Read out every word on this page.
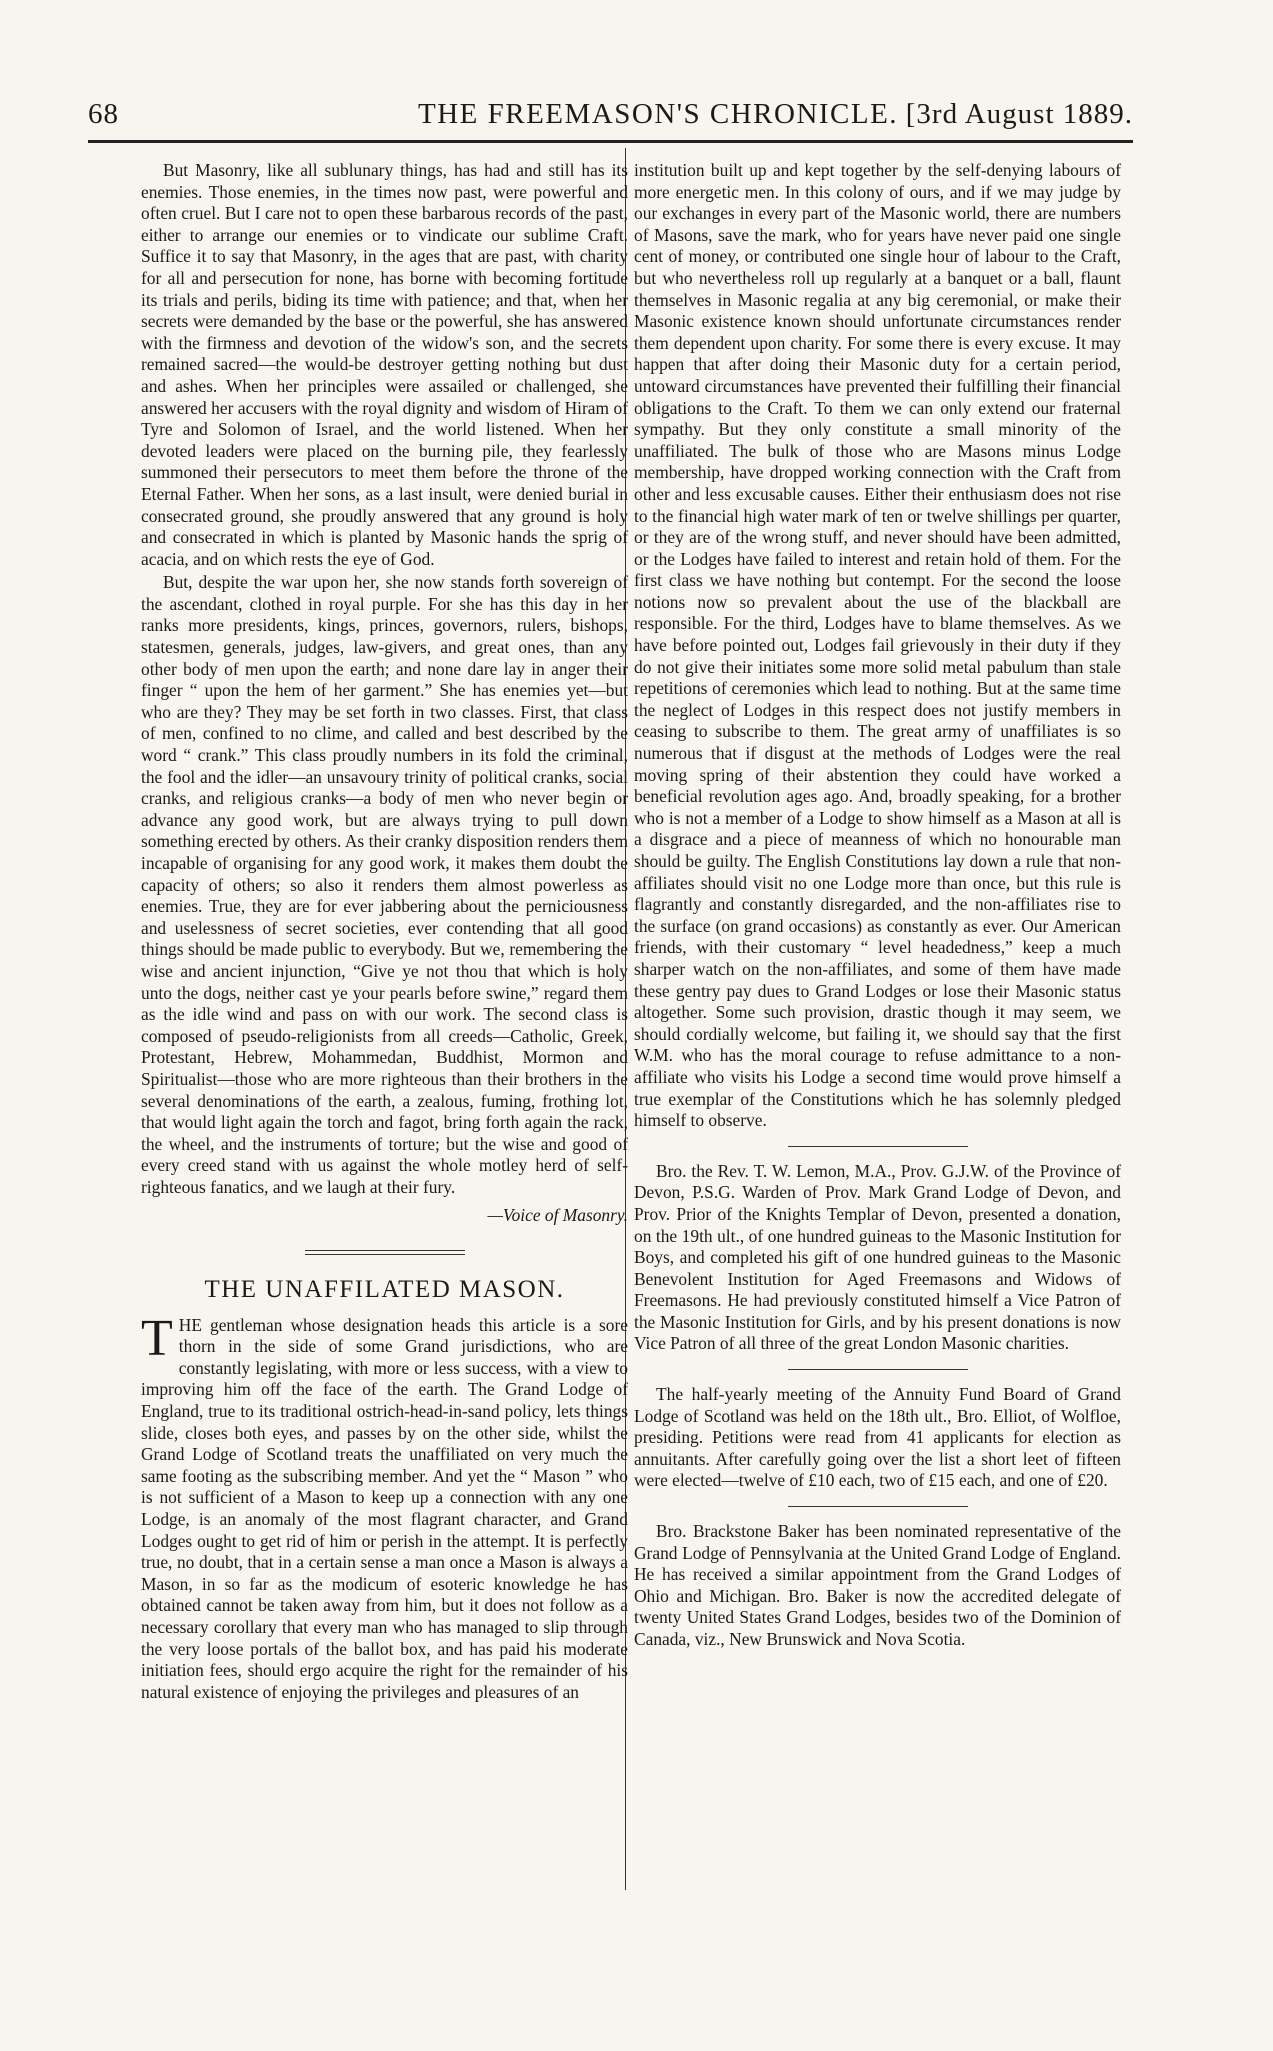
68	THE FREEMASON'S CHRONICLE. [3rd August 1889.

But Masonry, like all sublunary things, has had and still has its enemies. Those enemies, in the times now past, were powerful and often cruel. But I care not to open these barbarous records of the past, either to arrange our enemies or to vindicate our sublime Craft. Suffice it to say that Masonry, in the ages that are past, with charity for all and persecution for none, has borne with becoming fortitude its trials and perils, biding its time with patience; and that, when her secrets were demanded by the base or the powerful, she has answered with the firmness and devotion of the widow's son, and the secrets remained sacred—the would-be destroyer getting nothing but dust and ashes. When her principles were assailed or challenged, she answered her accusers with the royal dignity and wisdom of Hiram of Tyre and Solomon of Israel, and the world listened. When her devoted leaders were placed on the burning pile, they fearlessly summoned their persecutors to meet them before the throne of the Eternal Father. When her sons, as a last insult, were denied burial in consecrated ground, she proudly answered that any ground is holy and consecrated in which is planted by Masonic hands the sprig of acacia, and on which rests the eye of God.

But, despite the war upon her, she now stands forth sovereign of the ascendant, clothed in royal purple. For she has this day in her ranks more presidents, kings, princes, governors, rulers, bishops, statesmen, generals, judges, law-givers, and great ones, than any other body of men upon the earth; and none dare lay in anger their finger “ upon the hem of her garment.” She has enemies yet—but who are they? They may be set forth in two classes. First, that class of men, confined to no clime, and called and best described by the word “ crank.” This class proudly numbers in its fold the criminal, the fool and the idler—an unsavoury trinity of political cranks, social cranks, and religious cranks—a body of men who never begin or advance any good work, but are always trying to pull down something erected by others. As their cranky disposition renders them incapable of organising for any good work, it makes them doubt the capacity of others; so also it renders them almost powerless as enemies. True, they are for ever jabbering about the perniciousness and uselessness of secret societies, ever contending that all good things should be made public to everybody. But we, remembering the wise and ancient injunction, “Give ye not thou that which is holy unto the dogs, neither cast ye your pearls before swine,” regard them as the idle wind and pass on with our work. The second class is composed of pseudo-religionists from all creeds—Catholic, Greek, Protestant, Hebrew, Mohammedan, Buddhist, Mormon and Spiritualist—those who are more righteous than their brothers in the several denominations of the earth, a zealous, fuming, frothing lot, that would light again the torch and fagot, bring forth again the rack, the wheel, and the instruments of torture; but the wise and good of every creed stand with us against the whole motley herd of self-righteous fanatics, and we laugh at their fury.

—Voice of Masonry.

THE UNAFFILATED MASON.

THE gentleman whose designation heads this article is a sore thorn in the side of some Grand jurisdictions, who are constantly legislating, with more or less success, with a view to improving him off the face of the earth. The Grand Lodge of England, true to its traditional ostrich-head-in-sand policy, lets things slide, closes both eyes, and passes by on the other side, whilst the Grand Lodge of Scotland treats the unaffiliated on very much the same footing as the subscribing member. And yet the “ Mason ” who is not sufficient of a Mason to keep up a connection with any one Lodge, is an anomaly of the most flagrant character, and Grand Lodges ought to get rid of him or perish in the attempt. It is perfectly true, no doubt, that in a certain sense a man once a Mason is always a Mason, in so far as the modicum of esoteric knowledge he has obtained cannot be taken away from him, but it does not follow as a necessary corollary that every man who has managed to slip through the very loose portals of the ballot box, and has paid his moderate initiation fees, should ergo acquire the right for the remainder of his natural existence of enjoying the privileges and pleasures of an

institution built up and kept together by the self-denying labours of more energetic men. In this colony of ours, and if we may judge by our exchanges in every part of the Masonic world, there are numbers of Masons, save the mark, who for years have never paid one single cent of money, or contributed one single hour of labour to the Craft, but who nevertheless roll up regularly at a banquet or a ball, flaunt themselves in Masonic regalia at any big ceremonial, or make their Masonic existence known should unfortunate circumstances render them dependent upon charity. For some there is every excuse. It may happen that after doing their Masonic duty for a certain period, untoward circumstances have prevented their fulfilling their financial obligations to the Craft. To them we can only extend our fraternal sympathy. But they only constitute a small minority of the unaffiliated. The bulk of those who are Masons minus Lodge membership, have dropped working connection with the Craft from other and less excusable causes. Either their enthusiasm does not rise to the financial high water mark of ten or twelve shillings per quarter, or they are of the wrong stuff, and never should have been admitted, or the Lodges have failed to interest and retain hold of them. For the first class we have nothing but contempt. For the second the loose notions now so prevalent about the use of the blackball are responsible. For the third, Lodges have to blame themselves. As we have before pointed out, Lodges fail grievously in their duty if they do not give their initiates some more solid metal pabulum than stale repetitions of ceremonies which lead to nothing. But at the same time the neglect of Lodges in this respect does not justify members in ceasing to subscribe to them. The great army of unaffiliates is so numerous that if disgust at the methods of Lodges were the real moving spring of their abstention they could have worked a beneficial revolution ages ago. And, broadly speaking, for a brother who is not a member of a Lodge to show himself as a Mason at all is a disgrace and a piece of meanness of which no honourable man should be guilty. The English Constitutions lay down a rule that non-affiliates should visit no one Lodge more than once, but this rule is flagrantly and constantly disregarded, and the non-affiliates rise to the surface (on grand occasions) as constantly as ever. Our American friends, with their customary “ level headedness,” keep a much sharper watch on the non-affiliates, and some of them have made these gentry pay dues to Grand Lodges or lose their Masonic status altogether. Some such provision, drastic though it may seem, we should cordially welcome, but failing it, we should say that the first W.M. who has the moral courage to refuse admittance to a non-affiliate who visits his Lodge a second time would prove himself a true exemplar of the Constitutions which he has solemnly pledged himself to observe.

Bro. the Rev. T. W. Lemon, M.A., Prov. G.J.W. of the Province of Devon, P.S.G. Warden of Prov. Mark Grand Lodge of Devon, and Prov. Prior of the Knights Templar of Devon, presented a donation, on the 19th ult., of one hundred guineas to the Masonic Institution for Boys, and completed his gift of one hundred guineas to the Masonic Benevolent Institution for Aged Freemasons and Widows of Freemasons. He had previously constituted himself a Vice Patron of the Masonic Institution for Girls, and by his present donations is now Vice Patron of all three of the great London Masonic charities.

The half-yearly meeting of the Annuity Fund Board of Grand Lodge of Scotland was held on the 18th ult., Bro. Elliot, of Wolfloe, presiding. Petitions were read from 41 applicants for election as annuitants. After carefully going over the list a short leet of fifteen were elected—twelve of £10 each, two of £15 each, and one of £20.

Bro. Brackstone Baker has been nominated representative of the Grand Lodge of Pennsylvania at the United Grand Lodge of England. He has received a similar appointment from the Grand Lodges of Ohio and Michigan. Bro. Baker is now the accredited delegate of twenty United States Grand Lodges, besides two of the Dominion of Canada, viz., New Brunswick and Nova Scotia.
